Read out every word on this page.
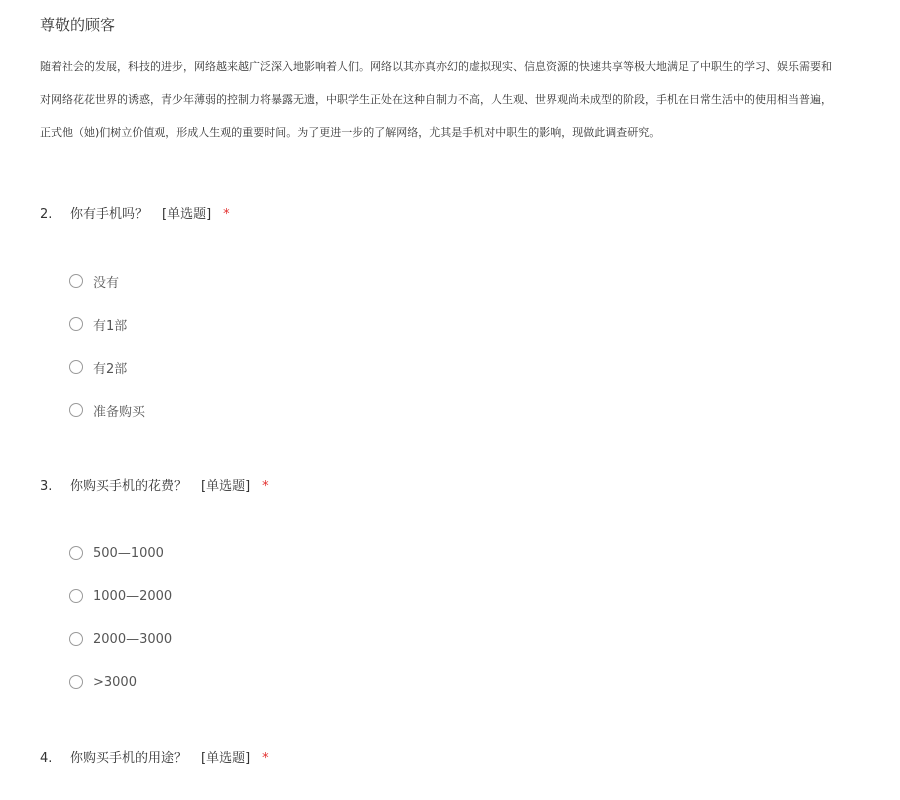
尊敬的顾客
随着社会的发展，科技的进步，网络越来越广泛深入地影响着人们。网络以其亦真亦幻的虚拟现实、信息资源的快速共享等极大地满足了中职生的学习、娱乐需要和
对网络花花世界的诱惑，青少年薄弱的控制力将暴露无遗，中职学生正处在这种自制力不高，人生观、世界观尚未成型的阶段，手机在日常生活中的使用相当普遍，
正式他（她)们树立价值观，形成人生观的重要时间。为了更进一步的了解网络，尤其是手机对中职生的影响，现做此调查研究。
2. 你有手机吗？ [单选题] *
没有
有1部
有2部
准备购买
3. 你购买手机的花费？ [单选题] *
500—1000
1000—2000
2000—3000
>3000
4. 你购买手机的用途？ [单选题] *
